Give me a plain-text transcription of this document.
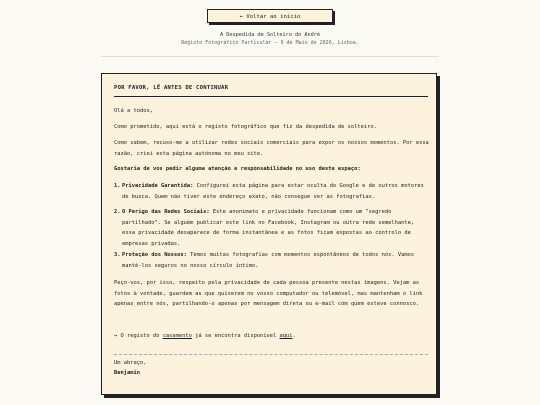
← Voltar ao início
A Despedida de Solteiro do André
Registo Fotográfico Particular — 9 de Maio de 2026, Lisboa.
POR FAVOR, LÊ ANTES DE CONTINUAR

Olá a todos,

Como prometido, aqui está o registo fotográfico que fiz da despedida de solteiro.

Como sabem, recuso-me a utilizar redes sociais comerciais para expor os nossos momentos. Por essa razão, criei esta página autónoma no meu site.

Gostaria de vos pedir alguma atenção e responsabilidade no uso deste espaço:

1. Privacidade Garantida: Configurei esta página para estar oculta do Google e de outros motores de busca. Quem não tiver este endereço exato, não consegue ver as fotografias.
2. O Perigo das Redes Sociais: Este anonimato e privacidade funcionam como um "segredo partilhado". Se alguém publicar este link no Facebook, Instagram ou outra rede semelhante, essa privacidade desaparece de forma instantânea e as fotos ficam expostas ao controlo de empresas privadas.
3. Proteção dos Nossos: Temos muitas fotografias com momentos espontâneos de todos nós. Vamos mantê-los seguros no nosso círculo íntimo.

Peço-vos, por isso, respeito pela privacidade de cada pessoa presente nestas imagens. Vejam as fotos à vontade, guardem as que quiserem no vosso computador ou telemóvel, mas mantenham o link apenas entre nós, partilhando-o apenas por mensagem direta ou e-mail com quem esteve connosco.

→ O registo do casamento já se encontra disponível aqui.

Um abraço,

Benjamin
